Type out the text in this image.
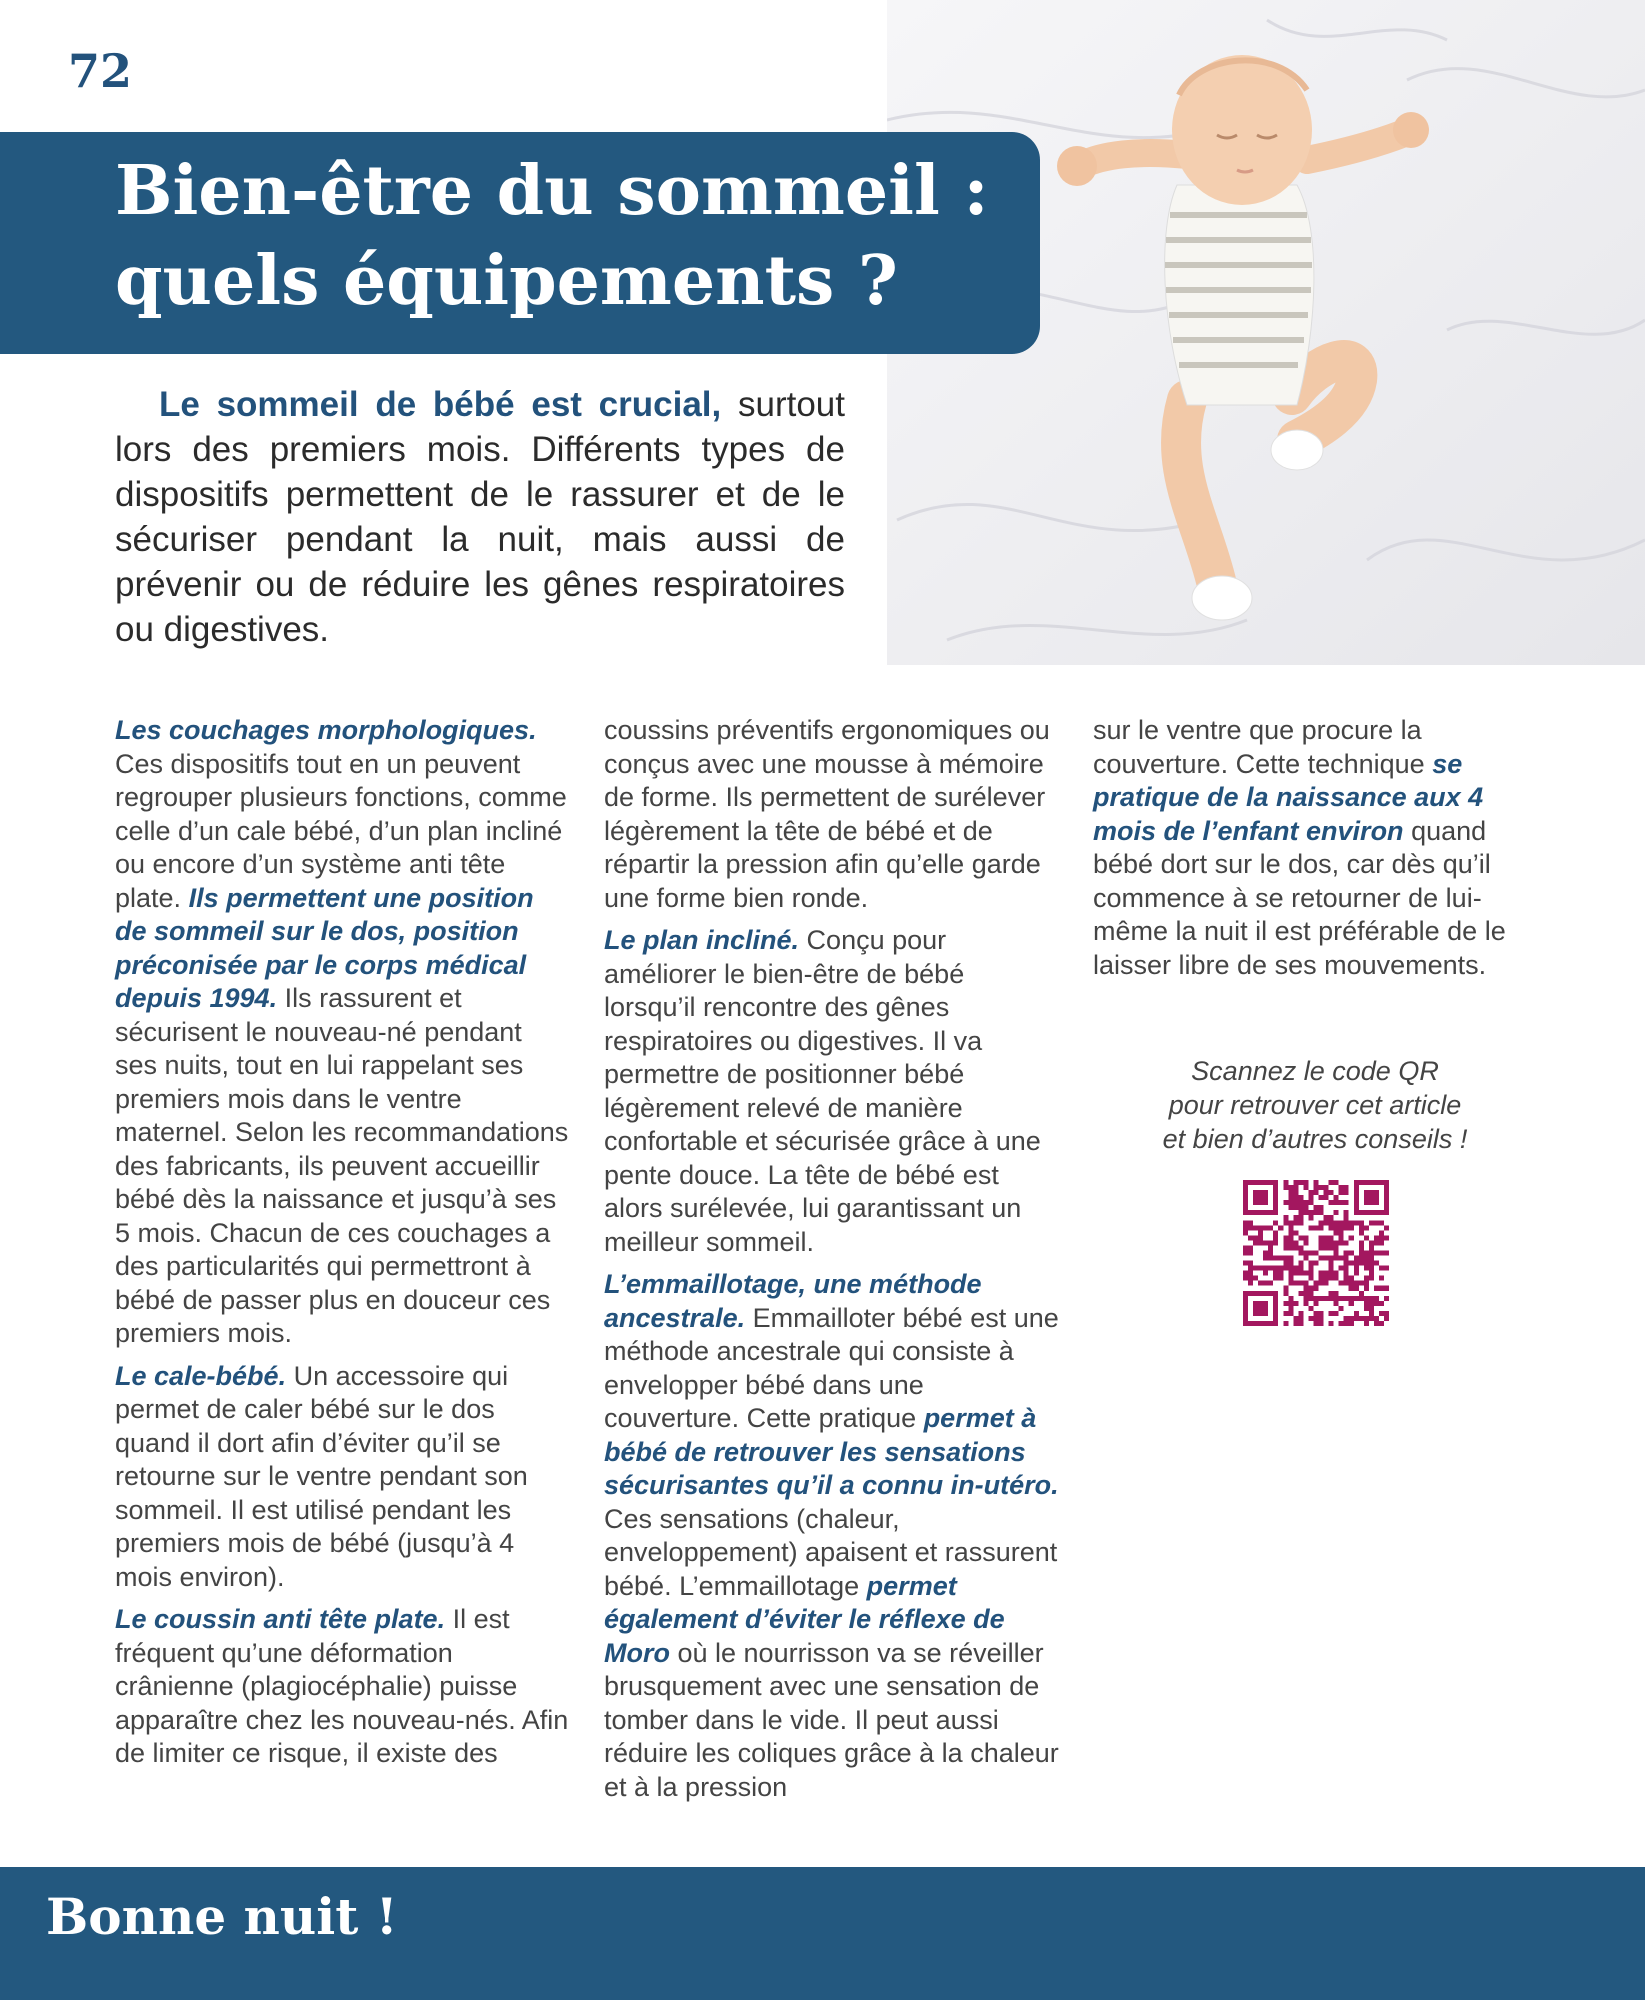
72
Bien-être du sommeil :
quels équipements ?

Le sommeil de bébé est crucial, surtout lors des premiers mois. Différents types de dispositifs permettent de le rassurer et de le sécuriser pendant la nuit, mais aussi de prévenir ou de réduire les gênes respiratoires ou digestives.

Les couchages morphologiques. Ces dispositifs tout en un peuvent regrouper plusieurs fonctions, comme celle d’un cale bébé, d’un plan incliné ou encore d’un système anti tête plate. Ils permettent une position de sommeil sur le dos, position préconisée par le corps médical depuis 1994. Ils rassurent et sécurisent le nouveau-né pendant ses nuits, tout en lui rappelant ses premiers mois dans le ventre maternel. Selon les recommandations des fabricants, ils peuvent accueillir bébé dès la naissance et jusqu’à ses 5 mois. Chacun de ces couchages a des particularités qui permettront à bébé de passer plus en douceur ces premiers mois.

Le cale-bébé. Un accessoire qui permet de caler bébé sur le dos quand il dort afin d’éviter qu’il se retourne sur le ventre pendant son sommeil. Il est utilisé pendant les premiers mois de bébé (jusqu’à 4 mois environ).

Le coussin anti tête plate. Il est fréquent qu’une déformation crânienne (plagiocéphalie) puisse apparaître chez les nouveau-nés. Afin de limiter ce risque, il existe des

coussins préventifs ergonomiques ou conçus avec une mousse à mémoire de forme. Ils permettent de surélever légèrement la tête de bébé et de répartir la pression afin qu’elle garde une forme bien ronde.

Le plan incliné. Conçu pour améliorer le bien-être de bébé lorsqu’il rencontre des gênes respiratoires ou digestives. Il va permettre de positionner bébé légèrement relevé de manière confortable et sécurisée grâce à une pente douce. La tête de bébé est alors surélevée, lui garantissant un meilleur sommeil.

L’emmaillotage, une méthode ancestrale. Emmailloter bébé est une méthode ancestrale qui consiste à envelopper bébé dans une couverture. Cette pratique permet à bébé de retrouver les sensations sécurisantes qu’il a connu in-utéro. Ces sensations (chaleur, enveloppement) apaisent et rassurent bébé. L’emmaillotage permet également d’éviter le réflexe de Moro où le nourrisson va se réveiller brusquement avec une sensation de tomber dans le vide. Il peut aussi réduire les coliques grâce à la chaleur et à la pression

sur le ventre que procure la couverture. Cette technique se pratique de la naissance aux 4 mois de l’enfant environ quand bébé dort sur le dos, car dès qu’il commence à se retourner de lui-même la nuit il est préférable de le laisser libre de ses mouvements.

Scannez le code QR
pour retrouver cet article
et bien d’autres conseils !
Bonne nuit !
